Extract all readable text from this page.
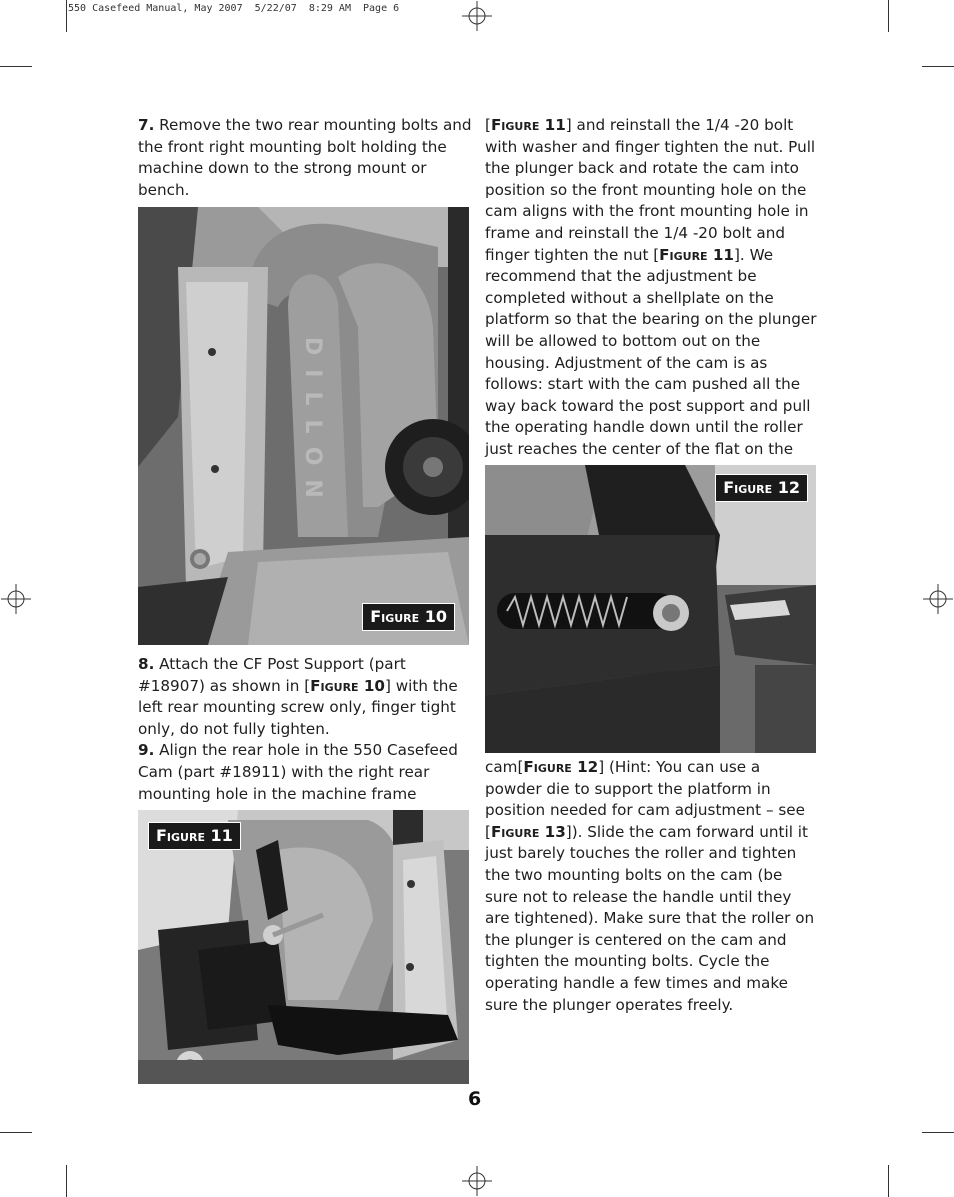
550 Casefeed Manual, May 2007  5/22/07  8:29 AM  Page 6

7. Remove the two rear mounting bolts and the front right mounting bolt holding the machine down to the strong mount or bench.

DILLON
Figure 10

8. Attach the CF Post Support (part #18907) as shown in [Figure 10] with the left rear mounting screw only, finger tight only, do not fully tighten.

9. Align the rear hole in the 550 Casefeed Cam (part #18911) with the right rear mounting hole in the machine frame

Figure 11

[Figure 11] and reinstall the 1/4 -20 bolt with washer and finger tighten the nut. Pull the plunger back and rotate the cam into position so the front mounting hole on the cam aligns with the front mounting hole in frame and reinstall the 1/4 -20 bolt and finger tighten the nut [Figure 11]. We recommend that the adjustment be completed without a shellplate on the platform so that the bearing on the plunger will be allowed to bottom out on the housing. Adjustment of the cam is as follows: start with the cam pushed all the way back toward the post support and pull the operating handle down until the roller just reaches the center of the flat on the

Figure 12

cam[Figure 12] (Hint: You can use a powder die to support the platform in position needed for cam adjustment – see [Figure 13]). Slide the cam forward until it just barely touches the roller and tighten the two mounting bolts on the cam (be sure not to release the handle until they are tightened). Make sure that the roller on the plunger is centered on the cam and tighten the mounting bolts. Cycle the operating handle a few times and make sure the plunger operates freely.

6
